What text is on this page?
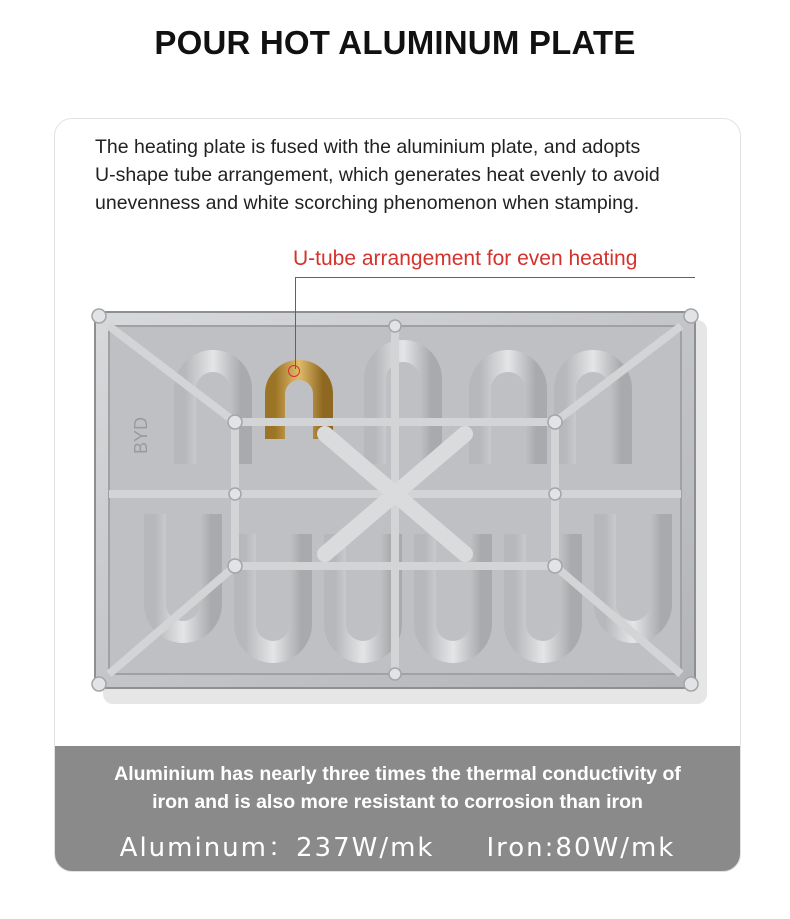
POUR HOT ALUMINUM PLATE
The heating plate is fused with the aluminium plate, and adopts
U-shape tube arrangement, which generates heat evenly to avoid
unevenness and white scorching phenomenon when stamping.
U-tube arrangement for even heating
BYD
Aluminium has nearly three times the thermal conductivity of
iron and is also more resistant to corrosion than iron
Aluminum：237W/mk Iron:80W/mk
